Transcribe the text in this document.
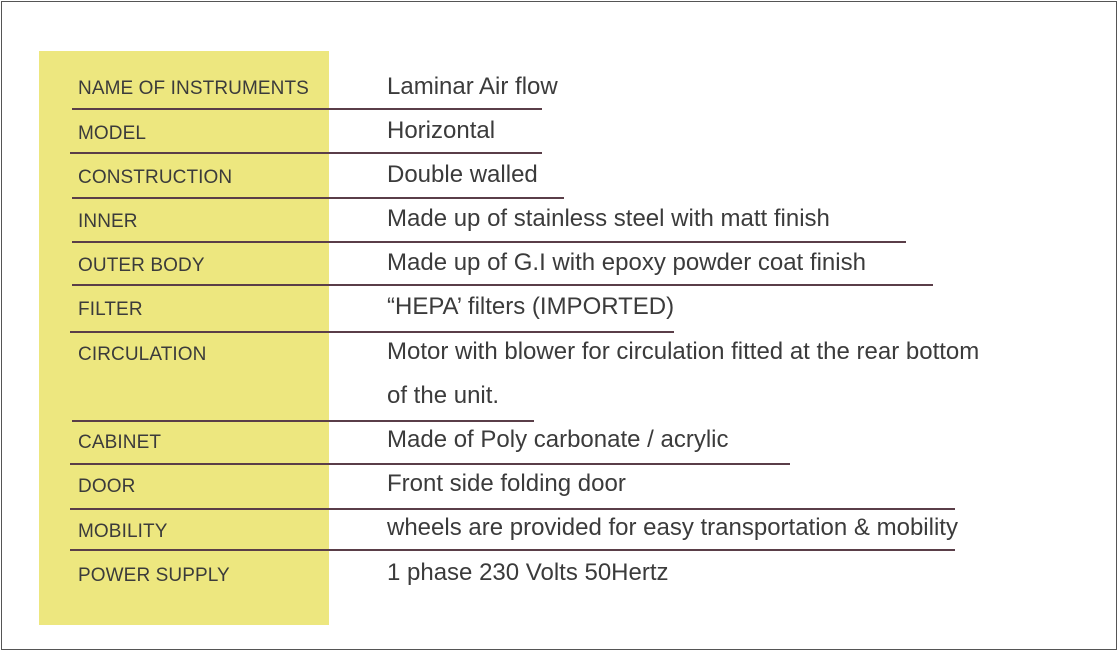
NAME OF INSTRUMENTS	Laminar Air flow
MODEL	Horizontal
CONSTRUCTION	Double walled
INNER	Made up of stainless steel with matt finish
OUTER BODY	Made up of G.I with epoxy powder coat finish
FILTER	“HEPA’ filters (IMPORTED)
CIRCULATION	Motor with blower for circulation fitted at the rear bottom
of the unit.
CABINET	Made of Poly carbonate / acrylic
DOOR	Front side folding door
MOBILITY	wheels are provided for easy transportation & mobility
POWER SUPPLY	1 phase 230 Volts 50Hertz
